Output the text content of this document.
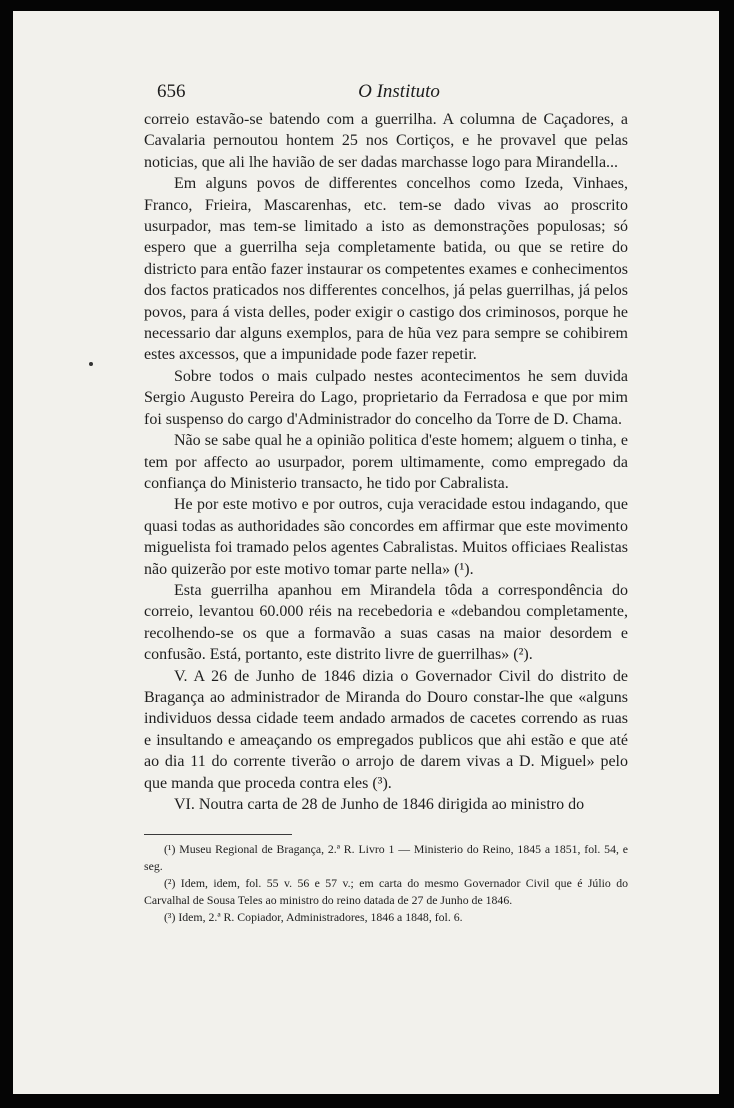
656	O Instituto

correio estavão-se batendo com a guerrilha. A columna de Caçadores, a Cavalaria pernoutou hontem 25 nos Cortiços, e he provavel que pelas noticias, que ali lhe havião de ser dadas marchasse logo para Mirandella...

Em alguns povos de differentes concelhos como Izeda, Vinhaes, Franco, Frieira, Mascarenhas, etc. tem-se dado vivas ao proscrito usurpador, mas tem-se limitado a isto as demonstrações populosas; só espero que a guerrilha seja completamente batida, ou que se retire do districto para então fazer instaurar os competentes exames e conhecimentos dos factos praticados nos differentes concelhos, já pelas guerrilhas, já pelos povos, para á vista delles, poder exigir o castigo dos criminosos, porque he necessario dar alguns exemplos, para de hũa vez para sempre se cohibirem estes axcessos, que a impunidade pode fazer repetir.

Sobre todos o mais culpado nestes acontecimentos he sem duvida Sergio Augusto Pereira do Lago, proprietario da Ferradosa e que por mim foi suspenso do cargo d'Administrador do concelho da Torre de D. Chama.

Não se sabe qual he a opinião politica d'este homem; alguem o tinha, e tem por affecto ao usurpador, porem ultimamente, como empregado da confiança do Ministerio transacto, he tido por Cabralista.

He por este motivo e por outros, cuja veracidade estou indagando, que quasi todas as authoridades são concordes em affirmar que este movimento miguelista foi tramado pelos agentes Cabralistas. Muitos officiaes Realistas não quizerão por este motivo tomar parte nella» (¹).

Esta guerrilha apanhou em Mirandela tôda a correspondência do correio, levantou 60.000 réis na recebedoria e «debandou completamente, recolhendo-se os que a formavão a suas casas na maior desordem e confusão. Está, portanto, este distrito livre de guerrilhas» (²).

V. A 26 de Junho de 1846 dizia o Governador Civil do distrito de Bragança ao administrador de Miranda do Douro constar-lhe que «alguns individuos dessa cidade teem andado armados de cacetes correndo as ruas e insultando e ameaçando os empregados publicos que ahi estão e que até ao dia 11 do corrente tiverão o arrojo de darem vivas a D. Miguel» pelo que manda que proceda contra eles (³).

VI. Noutra carta de 28 de Junho de 1846 dirigida ao ministro do

(¹) Museu Regional de Bragança, 2.ª R. Livro 1 — Ministerio do Reino, 1845 a 1851, fol. 54, e seg.

(²) Idem, idem, fol. 55 v. 56 e 57 v.; em carta do mesmo Governador Civil que é Júlio do Carvalhal de Sousa Teles ao ministro do reino datada de 27 de Junho de 1846.

(³) Idem, 2.ª R. Copiador, Administradores, 1846 a 1848, fol. 6.
